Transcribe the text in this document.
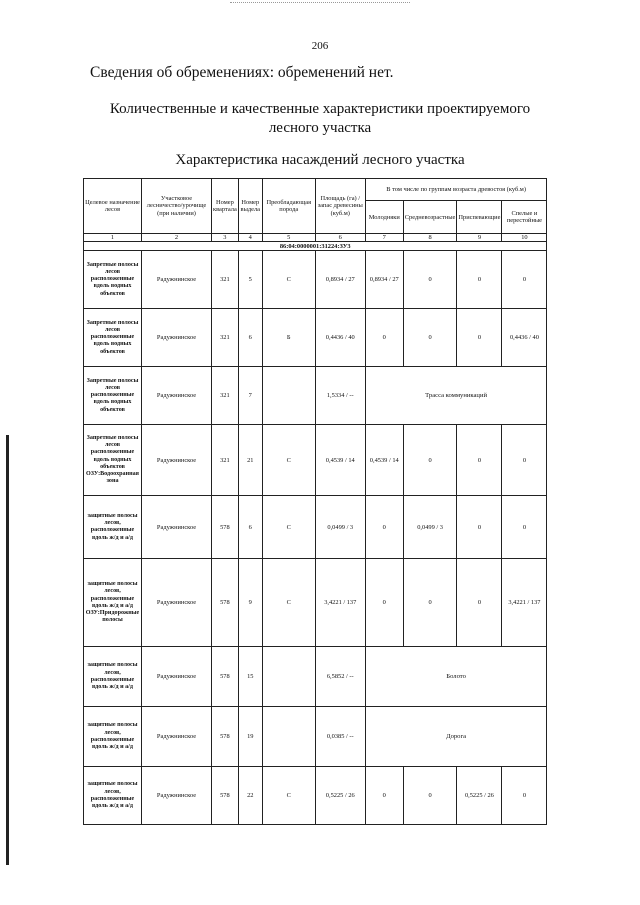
206
Сведения об обременениях: обременений нет.
Количественные и качественные характеристики проектируемого лесного участка
Характеристика насаждений лесного участка
Целевое назначение лесов	Участковое лесничество/урочище (при наличии)	Номер квартала	Номер выдела	Преобладающая порода	Площадь (га) / запас древесины (куб.м)	В том числе по группам возраста древостоя (куб.м)			
						Молодняки	Средневозрастные	Приспевающие	Спелые и перестойные
1	2	3	4	5	6	7	8	9	10
86:04:0000001:31224:ЗУ3									
Запретные полосы лесов расположенные вдоль водных объектов	Радужнинское	321	5	С	0,8934 / 27	0,8934 / 27	0	0	0
Запретные полосы лесов расположенные вдоль водных объектов	Радужнинское	321	6	Б	0,4436 / 40	0	0	0	0,4436 / 40
Запретные полосы лесов расположенные вдоль водных объектов	Радужнинское	321	7		1,5334 / --	Трасса коммуникаций			
Запретные полосы лесов расположенные вдоль водных объектов ОЗУ:Водоохранная зона	Радужнинское	321	21	С	0,4539 / 14	0,4539 / 14	0	0	0
защитные полосы лесов, расположенные вдоль ж/д и а/д	Радужнинское	578	6	С	0,0499 / 3	0	0,0499 / 3	0	0
защитные полосы лесов, расположенные вдоль ж/д и а/д ОЗУ:Придорожные полосы	Радужнинское	578	9	С	3,4221 / 137	0	0	0	3,4221 / 137
защитные полосы лесов, расположенные вдоль ж/д и а/д	Радужнинское	578	15		6,5852 / --	Болото			
защитные полосы лесов, расположенные вдоль ж/д и а/д	Радужнинское	578	19		0,0385 / --	Дорога			
защитные полосы лесов, расположенные вдоль ж/д и а/д	Радужнинское	578	22	С	0,5225 / 26	0	0	0,5225 / 26	0
